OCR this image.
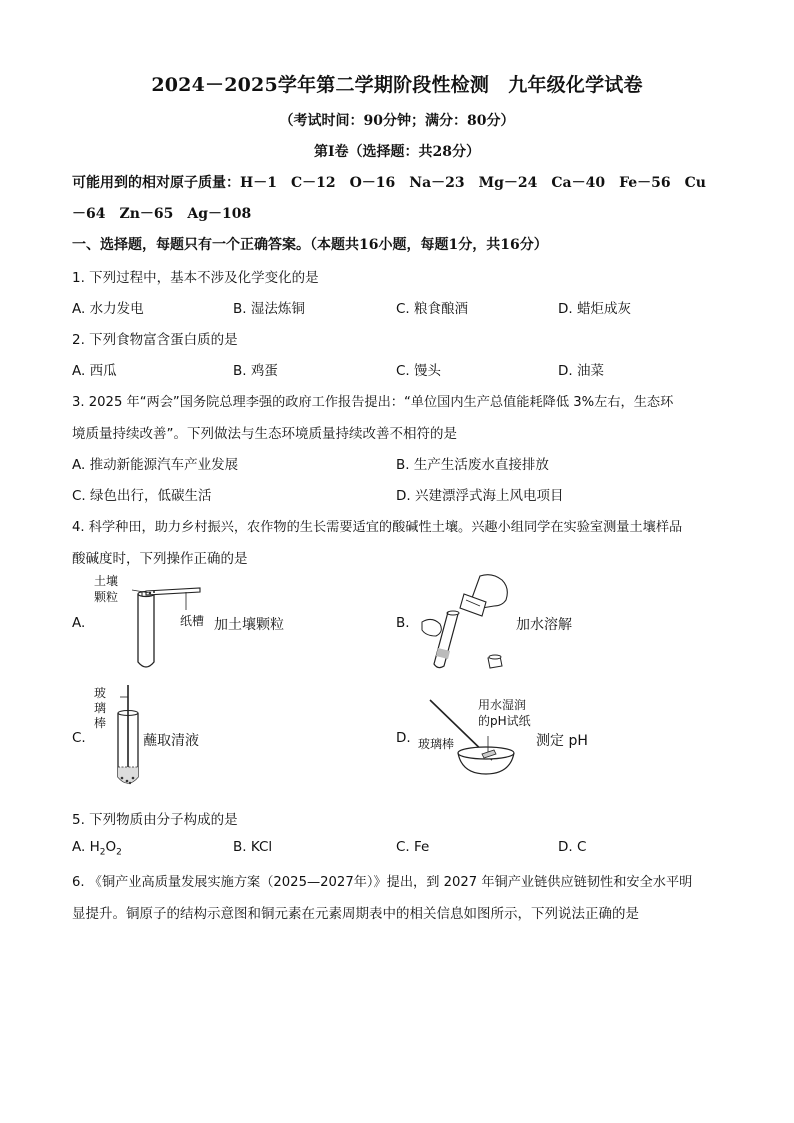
2024－2025学年第二学期阶段性检测　九年级化学试卷
（考试时间：90分钟；满分：80分）
第Ⅰ卷（选择题：共28分）
可能用到的相对原子质量：H－1　C－12　O－16　Na－23　Mg－24　Ca－40　Fe－56　Cu
－64　Zn－65　Ag－108
一、选择题，每题只有一个正确答案。（本题共16小题，每题1分，共16分）
1. 下列过程中，基本不涉及化学变化的是
A. 水力发电	B. 湿法炼铜	C. 粮食酿酒	D. 蜡炬成灰
2. 下列食物富含蛋白质的是
A. 西瓜	B. 鸡蛋	C. 馒头	D. 油菜
3. 2025 年“两会”国务院总理李强的政府工作报告提出：“单位国内生产总值能耗降低 3%左右，生态环
境质量持续改善”。下列做法与生态环境质量持续改善不相符的是
A. 推动新能源汽车产业发展	B. 生产生活废水直接排放
C. 绿色出行，低碳生活	D. 兴建漂浮式海上风电项目
4. 科学种田，助力乡村振兴，农作物的生长需要适宜的酸碱性土壤。兴趣小组同学在实验室测量土壤样品
酸碱度时，下列操作正确的是
A.
土壤
颗粒
纸槽 加土壤颗粒	B.	加水溶解
C.
玻
璃
棒
蘸取清液	D. 玻璃棒
用水湿润
的pH试纸
测定 pH
5. 下列物质由分子构成的是
A. $H_2O_2$	B. KCl	C. Fe	D. C
6. 《铜产业高质量发展实施方案（2025—2027年）》提出，到 2027 年铜产业链供应链韧性和安全水平明
显提升。铜原子的结构示意图和铜元素在元素周期表中的相关信息如图所示，下列说法正确的是
